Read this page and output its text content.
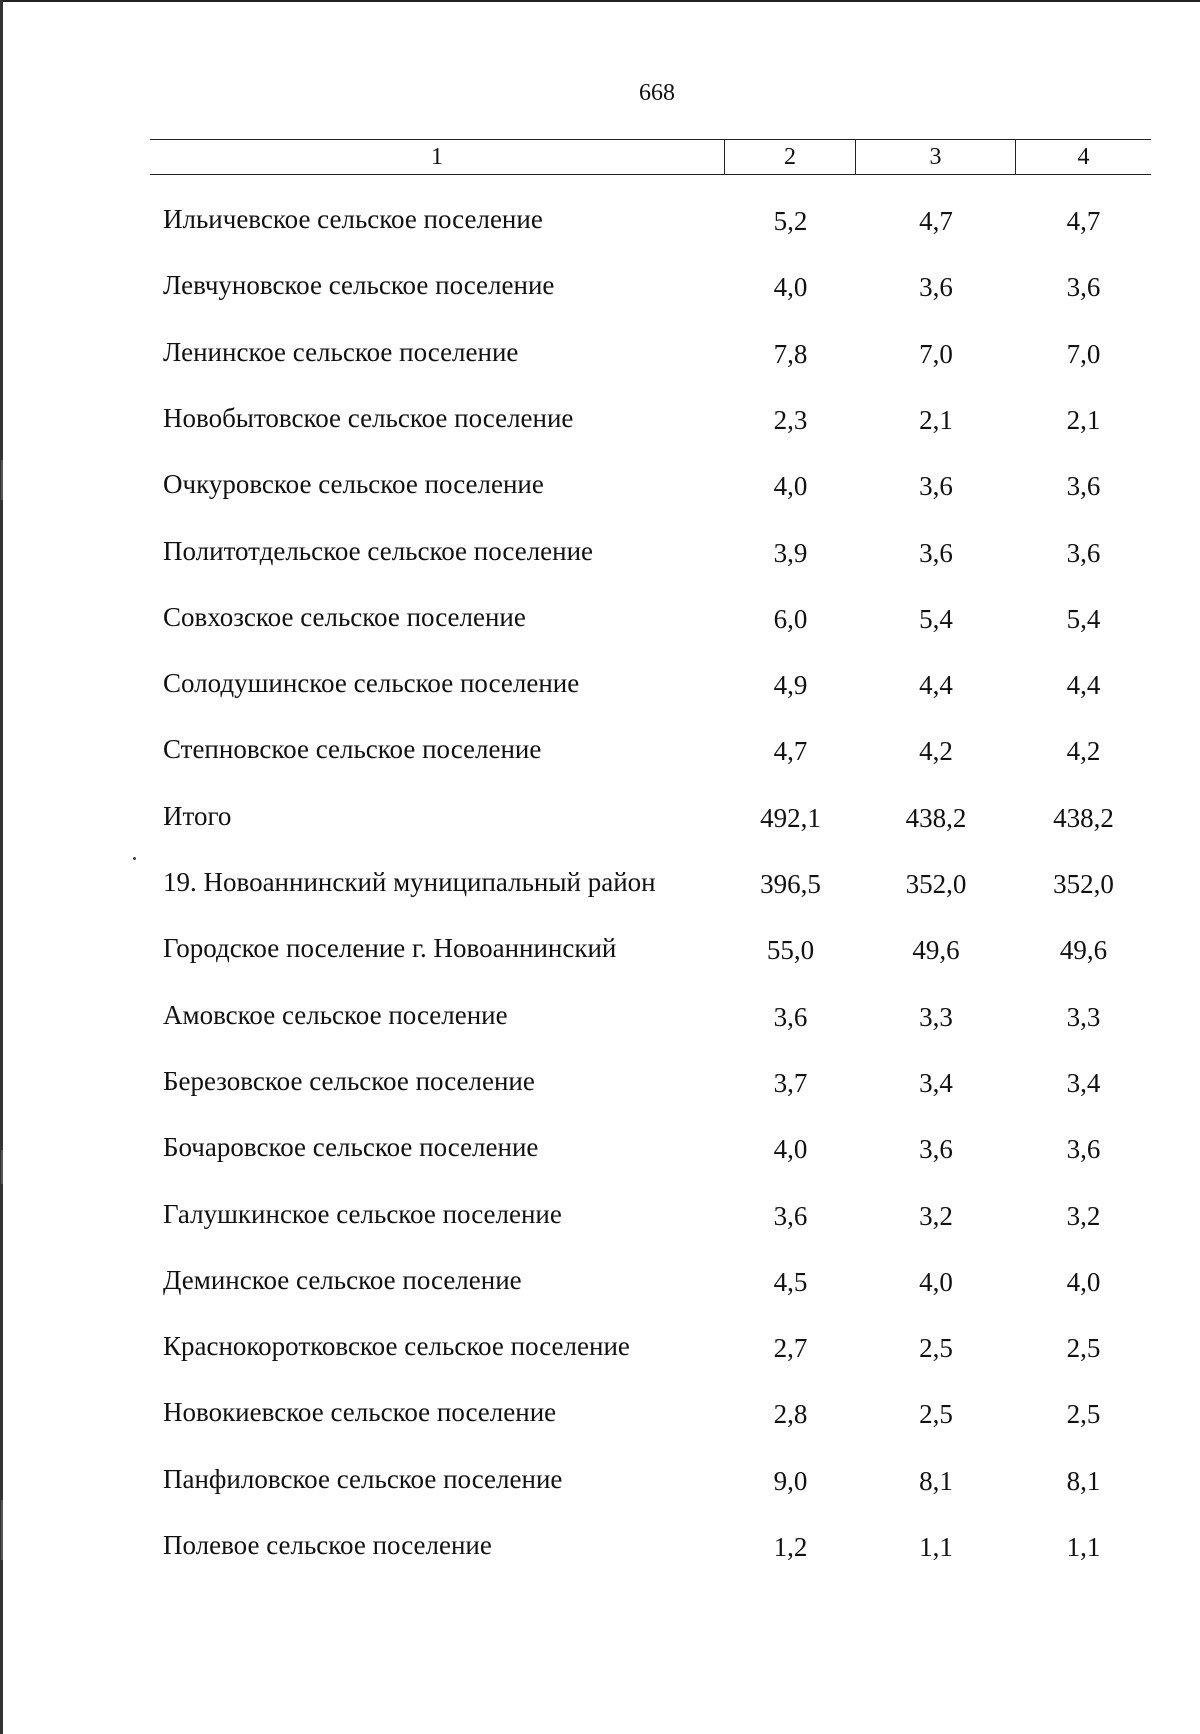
668
1	2	3	4
Ильичевское сельское поселение	5,2	4,7	4,7
Левчуновское сельское поселение	4,0	3,6	3,6
Ленинское сельское поселение	7,8	7,0	7,0
Новобытовское сельское поселение	2,3	2,1	2,1
Очкуровское сельское поселение	4,0	3,6	3,6
Политотдельское сельское поселение	3,9	3,6	3,6
Совхозское сельское поселение	6,0	5,4	5,4
Солодушинское сельское поселение	4,9	4,4	4,4
Степновское сельское поселение	4,7	4,2	4,2
Итого	492,1	438,2	438,2
19. Новоаннинский муниципальный район	396,5	352,0	352,0
Городское поселение г. Новоаннинский	55,0	49,6	49,6
Амовское сельское поселение	3,6	3,3	3,3
Березовское сельское поселение	3,7	3,4	3,4
Бочаровское сельское поселение	4,0	3,6	3,6
Галушкинское сельское поселение	3,6	3,2	3,2
Деминское сельское поселение	4,5	4,0	4,0
Краснокоротковское сельское поселение	2,7	2,5	2,5
Новокиевское сельское поселение	2,8	2,5	2,5
Панфиловское сельское поселение	9,0	8,1	8,1
Полевое сельское поселение	1,2	1,1	1,1
